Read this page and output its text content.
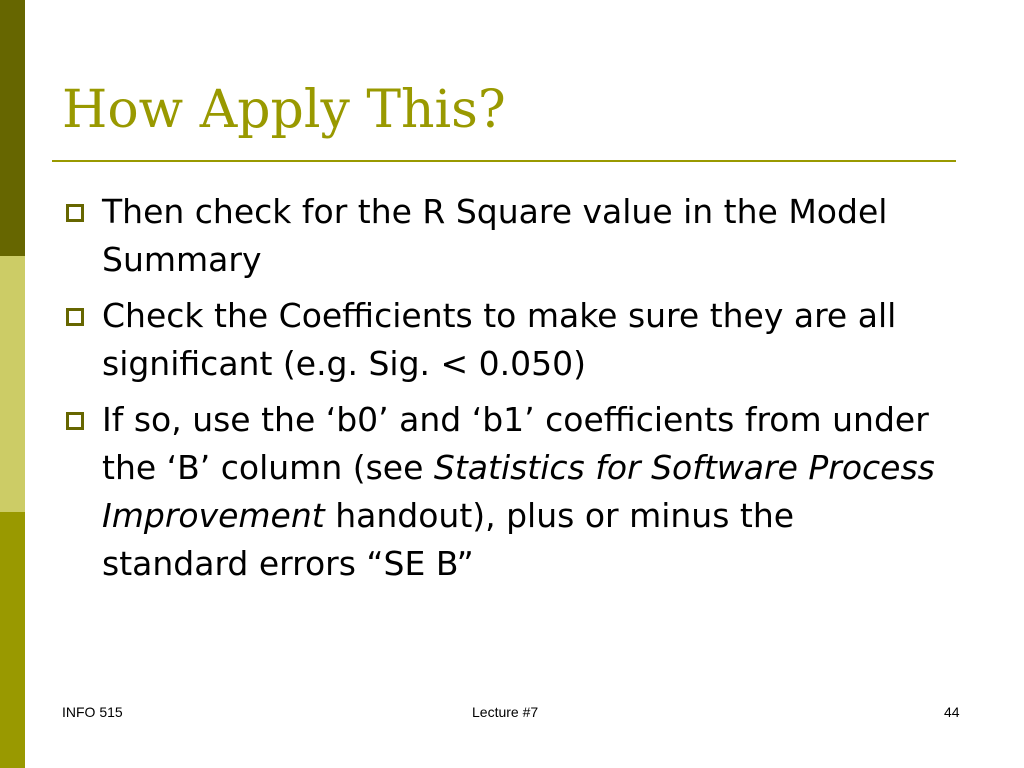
How Apply This?
Then check for the R Square value in the Model Summary
Check the Coefficients to make sure they are all significant (e.g. Sig. < 0.050)
If so, use the ‘b0’ and ‘b1’ coefficients from under the ‘B’ column (see Statistics for Software Process Improvement handout), plus or minus the standard errors “SE B”
INFO 515	Lecture #7	44
